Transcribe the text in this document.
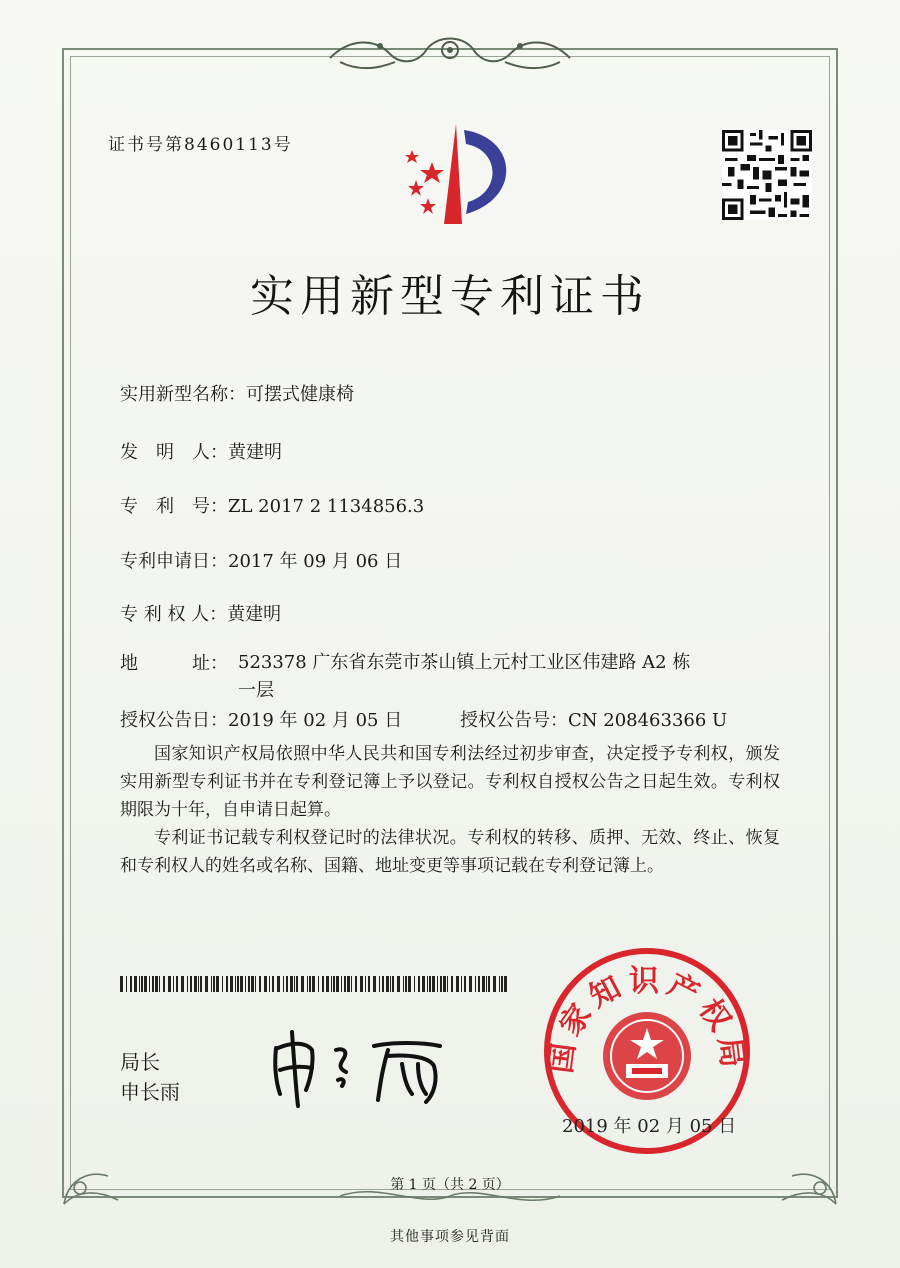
证书号第8460113号
实用新型专利证书
实用新型名称：可摆式健康椅
发　明　人：黄建明
专　利　号：ZL 2017 2 1134856.3
专利申请日：2017 年 09 月 06 日
专 利 权 人：黄建明
地　　　址： 523378 广东省东莞市茶山镇上元村工业区伟建路 A2 栋一层
授权公告日：2019 年 02 月 05 日	授权公告号：CN 208463366 U
国家知识产权局依照中华人民共和国专利法经过初步审查，决定授予专利权，颁发实用新型专利证书并在专利登记簿上予以登记。专利权自授权公告之日起生效。专利权期限为十年，自申请日起算。
专利证书记载专利权登记时的法律状况。专利权的转移、质押、无效、终止、恢复和专利权人的姓名或名称、国籍、地址变更等事项记载在专利登记簿上。
局长
申长雨
国家知识产权局
2019 年 02 月 05 日
第 1 页（共 2 页）
其他事项参见背面
